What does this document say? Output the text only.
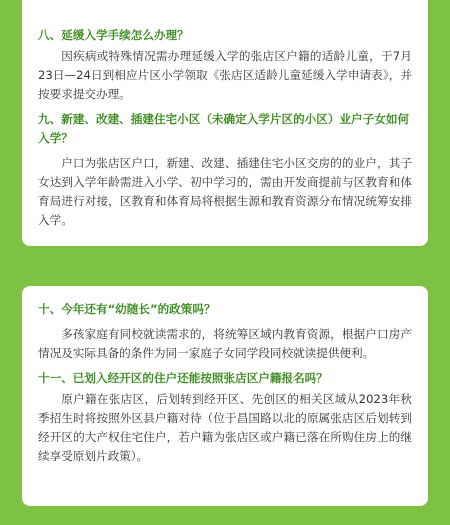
八、延缓入学手续怎么办理？

因疾病或特殊情况需办理延缓入学的张店区户籍的适龄儿童，于7月23日—24日到相应片区小学领取《张店区适龄儿童延缓入学申请表》，并按要求提交办理。

九、新建、改建、插建住宅小区（未确定入学片区的小区）业户子女如何入学？

户口为张店区户口，新建、改建、插建住宅小区交房的的业户，其子女达到入学年龄需进入小学、初中学习的，需由开发商提前与区教育和体育局进行对接，区教育和体育局将根据生源和教育资源分布情况统筹安排入学。

十、今年还有“幼随长”的政策吗？

多孩家庭有同校就读需求的，将统筹区域内教育资源，根据户口房产情况及实际具备的条件为同一家庭子女同学段同校就读提供便利。

十一、已划入经开区的住户还能按照张店区户籍报名吗？

原户籍在张店区，后划转到经开区、先创区的相关区域从2023年秋季招生时将按照外区县户籍对待（位于昌国路以北的原属张店区后划转到经开区的大产权住宅住户，若户籍为张店区或户籍已落在所购住房上的继续享受原划片政策）。
